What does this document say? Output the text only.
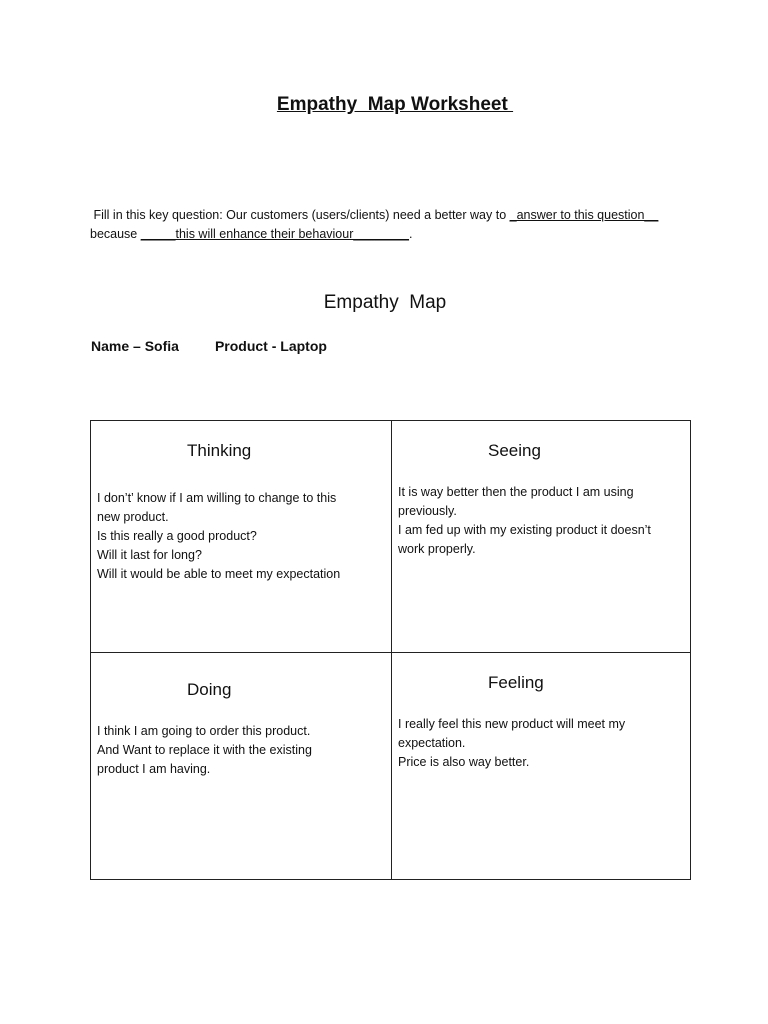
Empathy  Map Worksheet
Fill in this key question: Our customers (users/clients) need a better way to _answer to this question__
because _____this will enhance their behaviour________.
Empathy  Map
Name – Sofia	Product - Laptop
Thinking
I don’t’ know if I am willing to change to this
new product.
Is this really a good product?
Will it last for long?
Will it would be able to meet my expectation
Seeing
It is way better then the product I am using
previously.
I am fed up with my existing product it doesn’t
work properly.
Doing
I think I am going to order this product.
And Want to replace it with the existing
product I am having.
Feeling
I really feel this new product will meet my
expectation.
Price is also way better.
